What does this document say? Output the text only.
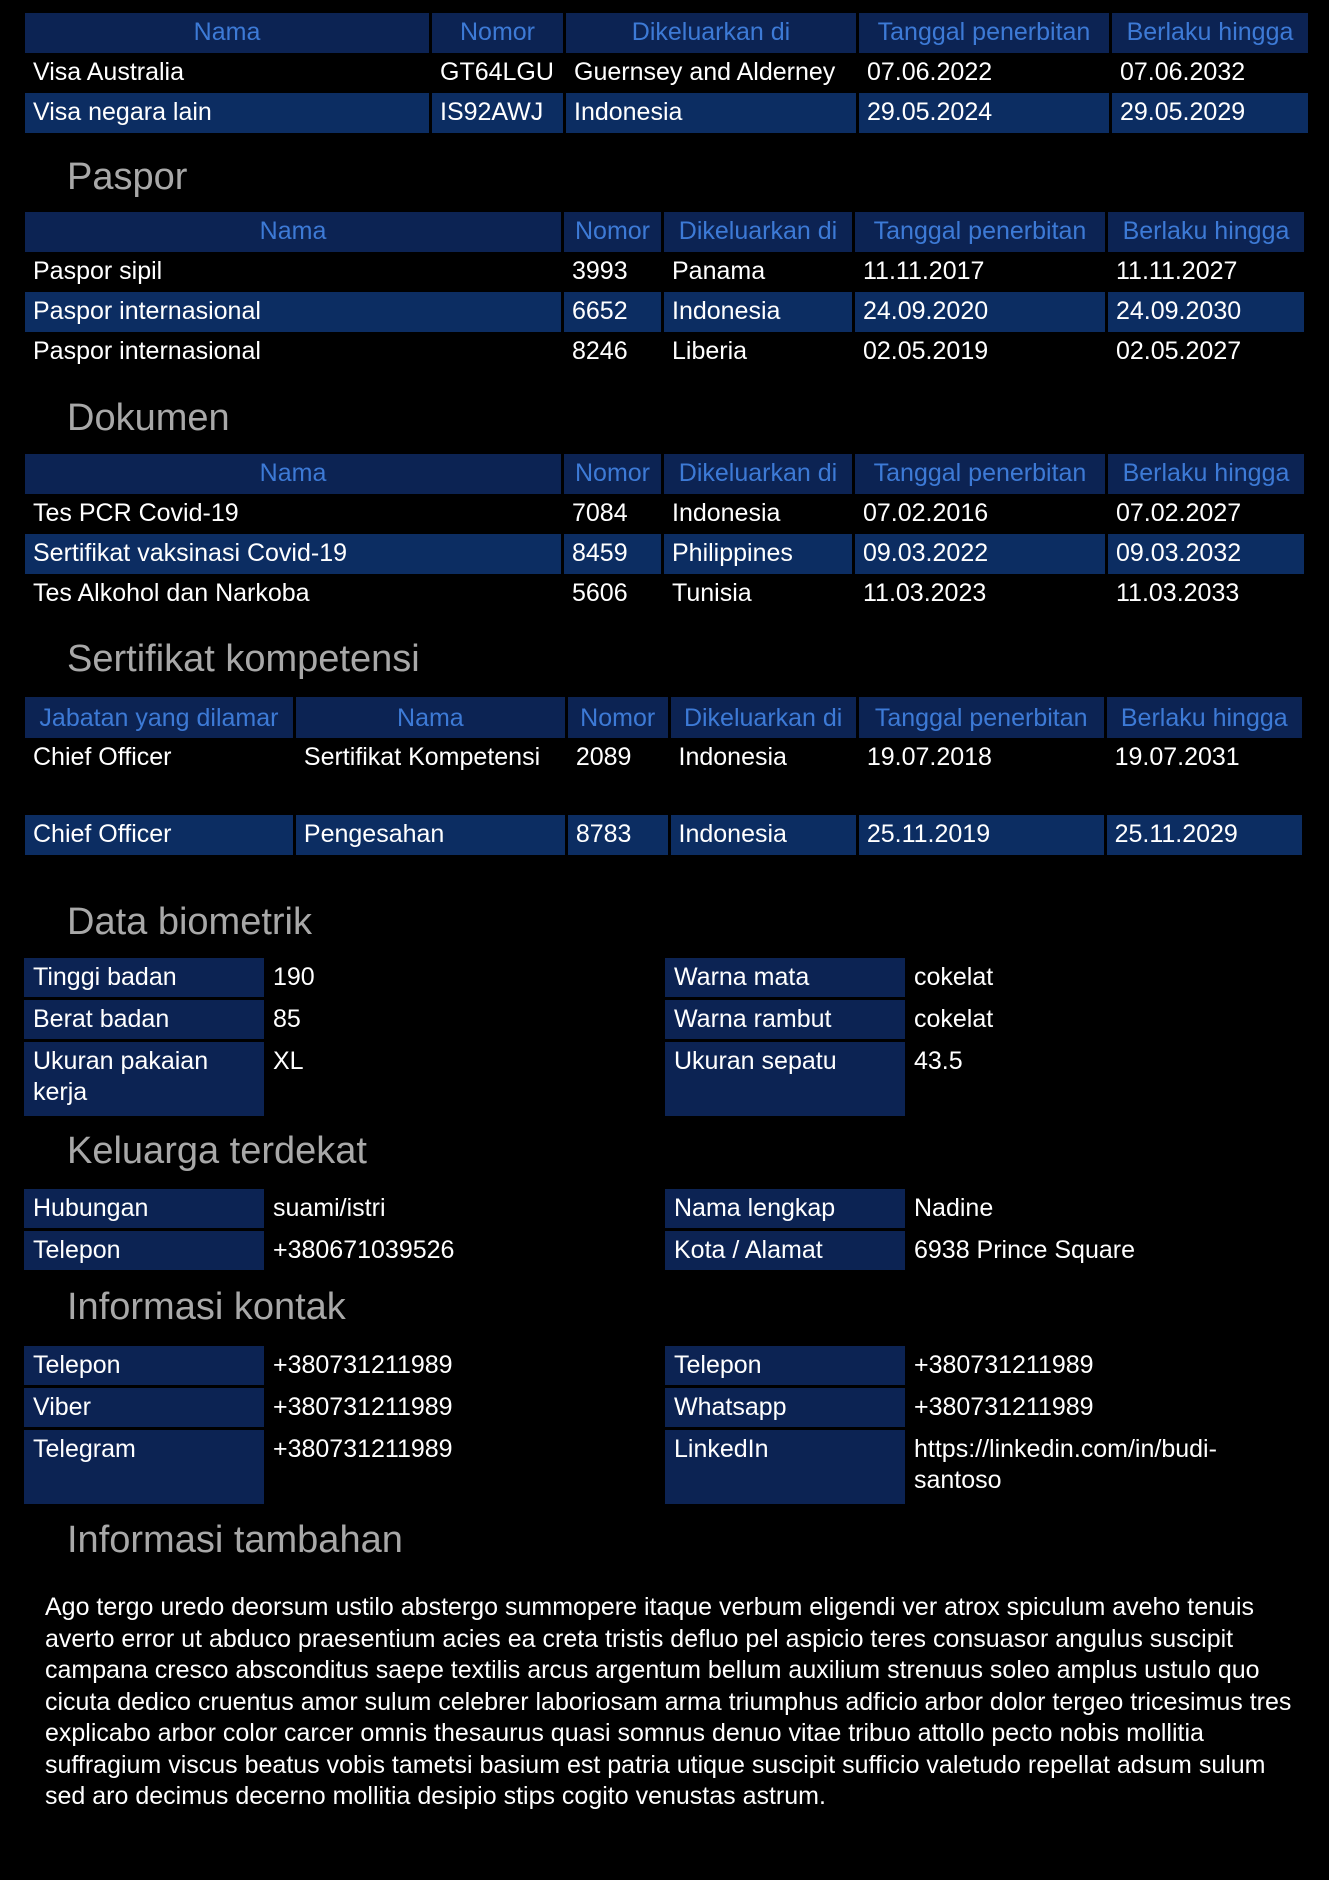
Nama	Nomor	Dikeluarkan di	Tanggal penerbitan	Berlaku hingga
Visa Australia	GT64LGU	Guernsey and Alderney	07.06.2022	07.06.2032
Visa negara lain	IS92AWJ	Indonesia	29.05.2024	29.05.2029
Paspor
Nama	Nomor	Dikeluarkan di	Tanggal penerbitan	Berlaku hingga
Paspor sipil	3993	Panama	11.11.2017	11.11.2027
Paspor internasional	6652	Indonesia	24.09.2020	24.09.2030
Paspor internasional	8246	Liberia	02.05.2019	02.05.2027
Dokumen
Nama	Nomor	Dikeluarkan di	Tanggal penerbitan	Berlaku hingga
Tes PCR Covid-19	7084	Indonesia	07.02.2016	07.02.2027
Sertifikat vaksinasi Covid-19	8459	Philippines	09.03.2022	09.03.2032
Tes Alkohol dan Narkoba	5606	Tunisia	11.03.2023	11.03.2033
Sertifikat kompetensi
Jabatan yang dilamar	Nama	Nomor	Dikeluarkan di	Tanggal penerbitan	Berlaku hingga
Chief Officer	Sertifikat Kompetensi	2089	Indonesia	19.07.2018	19.07.2031
Chief Officer	Pengesahan	8783	Indonesia	25.11.2019	25.11.2029
Data biometrik
Tinggi badan	190
Berat badan	85
Ukuran pakaian kerja	XL
Warna mata	cokelat
Warna rambut	cokelat
Ukuran sepatu	43.5
Keluarga terdekat
Hubungan	suami/istri
Telepon	+380671039526
Nama lengkap	Nadine
Kota / Alamat	6938 Prince Square
Informasi kontak
Telepon	+380731211989
Viber	+380731211989
Telegram	+380731211989
Telepon	+380731211989
Whatsapp	+380731211989
LinkedIn	https://linkedin.com/in/budi-santoso
Informasi tambahan

Ago tergo uredo deorsum ustilo abstergo summopere itaque verbum eligendi ver atrox spiculum aveho tenuis averto error ut abduco praesentium acies ea creta tristis defluo pel aspicio teres consuasor angulus suscipit campana cresco absconditus saepe textilis arcus argentum bellum auxilium strenuus soleo amplus ustulo quo cicuta dedico cruentus amor sulum celebrer laboriosam arma triumphus adficio arbor dolor tergeo tricesimus tres explicabo arbor color carcer omnis thesaurus quasi somnus denuo vitae tribuo attollo pecto nobis mollitia suffragium viscus beatus vobis tametsi basium est patria utique suscipit sufficio valetudo repellat adsum sulum sed aro decimus decerno mollitia desipio stips cogito venustas astrum.
